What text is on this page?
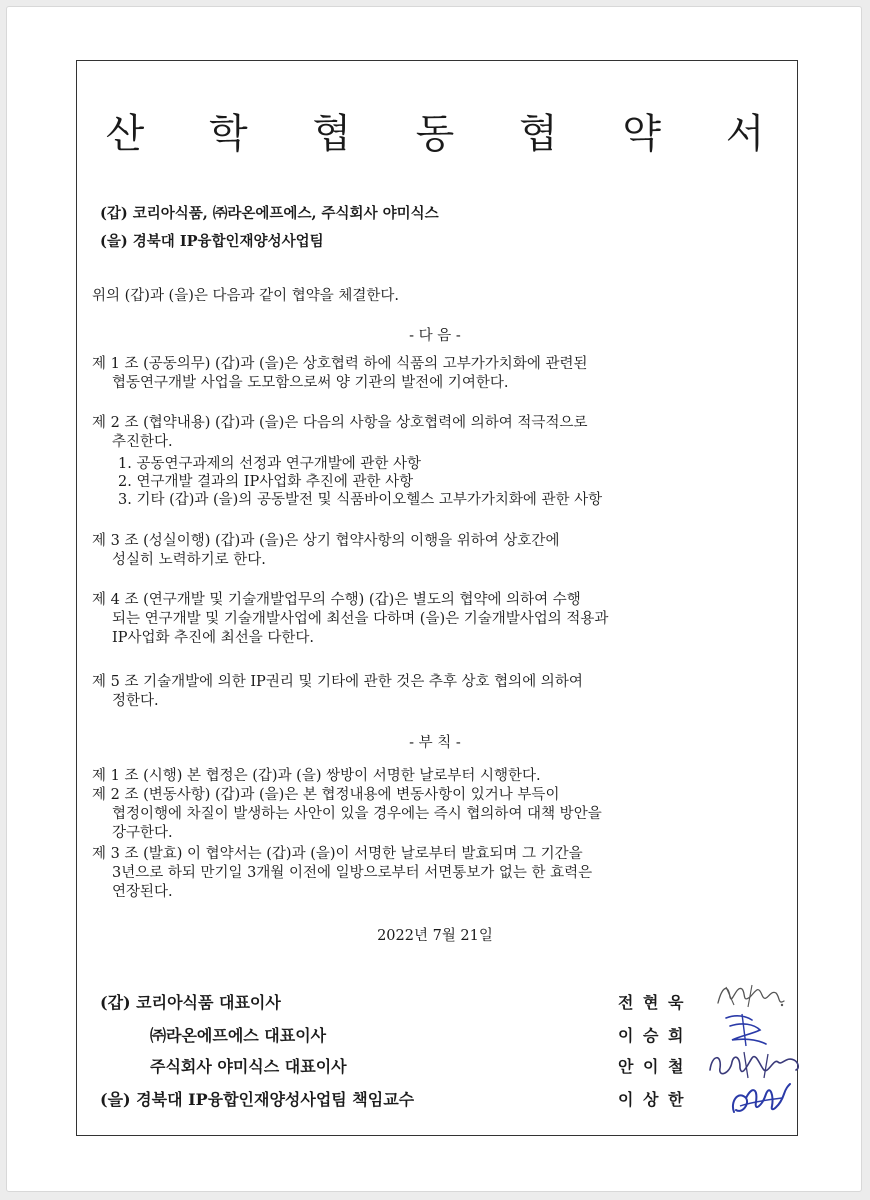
산 학 협 동 협 약 서
(갑) 코리아식품, ㈜라온에프에스, 주식회사 야미식스
(을) 경북대 IP융합인재양성사업팀
위의 (갑)과 (을)은 다음과 같이 협약을 체결한다.
- 다 음 -
제 1 조 (공동의무) (갑)과 (을)은 상호협력 하에 식품의 고부가가치화에 관련된
협동연구개발 사업을 도모함으로써 양 기관의 발전에 기여한다.
제 2 조 (협약내용) (갑)과 (을)은 다음의 사항을 상호협력에 의하여 적극적으로
추진한다.
1. 공동연구과제의 선정과 연구개발에 관한 사항
2. 연구개발 결과의 IP사업화 추진에 관한 사항
3. 기타 (갑)과 (을)의 공동발전 및 식품바이오헬스 고부가가치화에 관한 사항
제 3 조 (성실이행) (갑)과 (을)은 상기 협약사항의 이행을 위하여 상호간에
성실히 노력하기로 한다.
제 4 조 (연구개발 및 기술개발업무의 수행) (갑)은 별도의 협약에 의하여 수행
되는 연구개발 및 기술개발사업에 최선을 다하며 (을)은 기술개발사업의 적용과
IP사업화 추진에 최선을 다한다.
제 5 조 기술개발에 의한 IP권리 및 기타에 관한 것은 추후 상호 협의에 의하여
정한다.
- 부 칙 -
제 1 조 (시행) 본 협정은 (갑)과 (을) 쌍방이 서명한 날로부터 시행한다.
제 2 조 (변동사항) (갑)과 (을)은 본 협정내용에 변동사항이 있거나 부득이
협정이행에 차질이 발생하는 사안이 있을 경우에는 즉시 협의하여 대책 방안을
강구한다.
제 3 조 (발효) 이 협약서는 (갑)과 (을)이 서명한 날로부터 발효되며 그 기간을
3년으로 하되 만기일 3개월 이전에 일방으로부터 서면통보가 없는 한 효력은
연장된다.
2022년 7월 21일
(갑) 코리아식품 대표이사	전 현 욱
㈜라온에프에스 대표이사	이 승 희
주식회사 야미식스 대표이사	안 이 철
(을) 경북대 IP융합인재양성사업팀 책임교수	이 상 한
